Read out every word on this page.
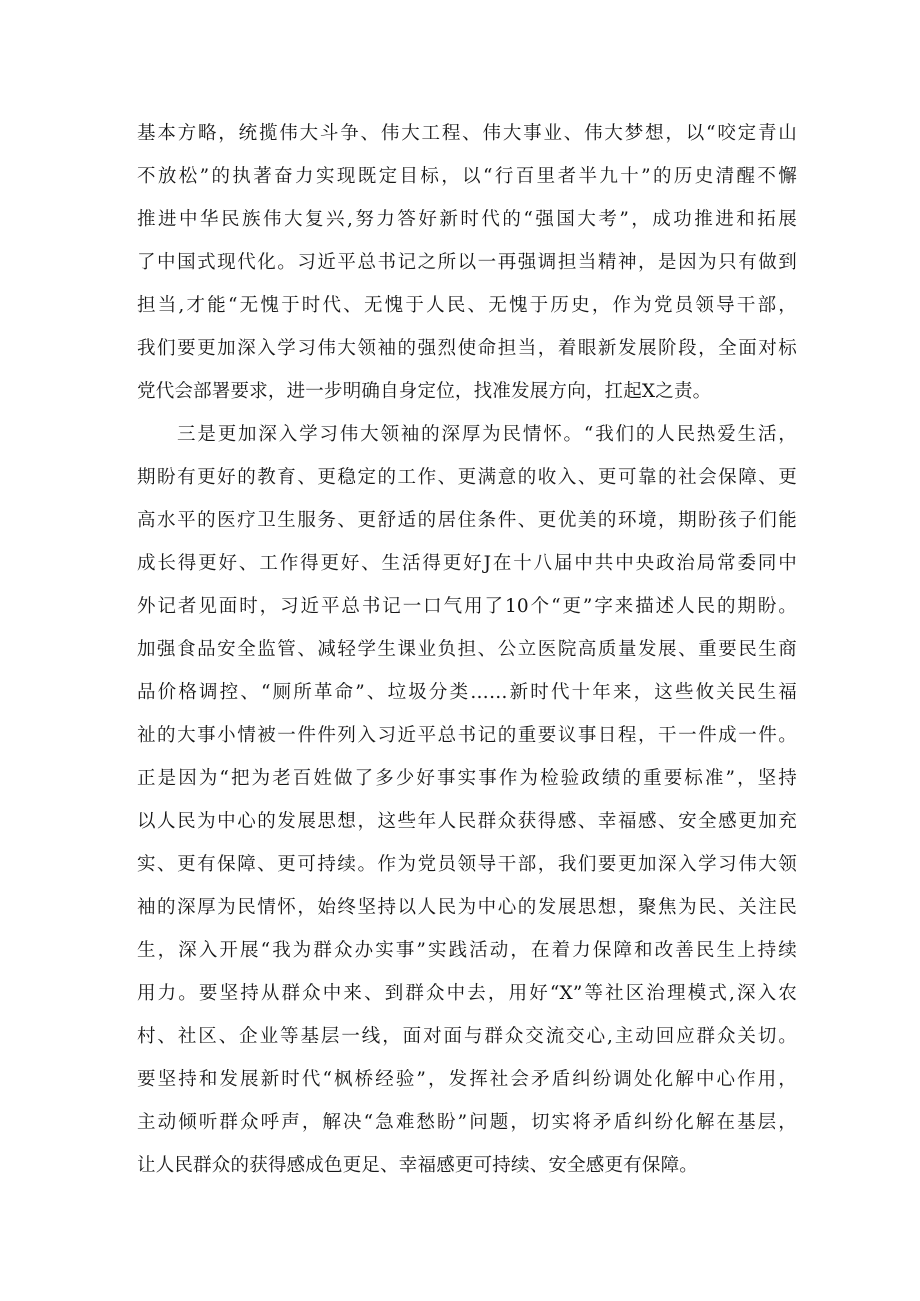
基本方略，统揽伟大斗争、伟大工程、伟大事业、伟大梦想，以“咬定青山
不放松”的执著奋力实现既定目标，以“行百里者半九十”的历史清醒不懈
推进中华民族伟大复兴,努力答好新时代的“强国大考”，成功推进和拓展
了中国式现代化。习近平总书记之所以一再强调担当精神，是因为只有做到
担当,才能“无愧于时代、无愧于人民、无愧于历史，作为党员领导干部，
我们要更加深入学习伟大领袖的强烈使命担当，着眼新发展阶段，全面对标
党代会部署要求，进一步明确自身定位，找准发展方向，扛起X之责。
三是更加深入学习伟大领袖的深厚为民情怀。“我们的人民热爱生活，
期盼有更好的教育、更稳定的工作、更满意的收入、更可靠的社会保障、更
高水平的医疗卫生服务、更舒适的居住条件、更优美的环境，期盼孩子们能
成长得更好、工作得更好、生活得更好J在十八届中共中央政治局常委同中
外记者见面时，习近平总书记一口气用了10个“更”字来描述人民的期盼。
加强食品安全监管、减轻学生课业负担、公立医院高质量发展、重要民生商
品价格调控、“厕所革命”、垃圾分类……新时代十年来，这些攸关民生福
祉的大事小情被一件件列入习近平总书记的重要议事日程，干一件成一件。
正是因为“把为老百姓做了多少好事实事作为检验政绩的重要标准”，坚持
以人民为中心的发展思想，这些年人民群众获得感、幸福感、安全感更加充
实、更有保障、更可持续。作为党员领导干部，我们要更加深入学习伟大领
袖的深厚为民情怀，始终坚持以人民为中心的发展思想，聚焦为民、关注民
生，深入开展“我为群众办实事”实践活动，在着力保障和改善民生上持续
用力。要坚持从群众中来、到群众中去，用好“X”等社区治理模式,深入农
村、社区、企业等基层一线，面对面与群众交流交心,主动回应群众关切。
要坚持和发展新时代“枫桥经验”，发挥社会矛盾纠纷调处化解中心作用，
主动倾听群众呼声，解决“急难愁盼”问题，切实将矛盾纠纷化解在基层，
让人民群众的获得感成色更足、幸福感更可持续、安全感更有保障。
